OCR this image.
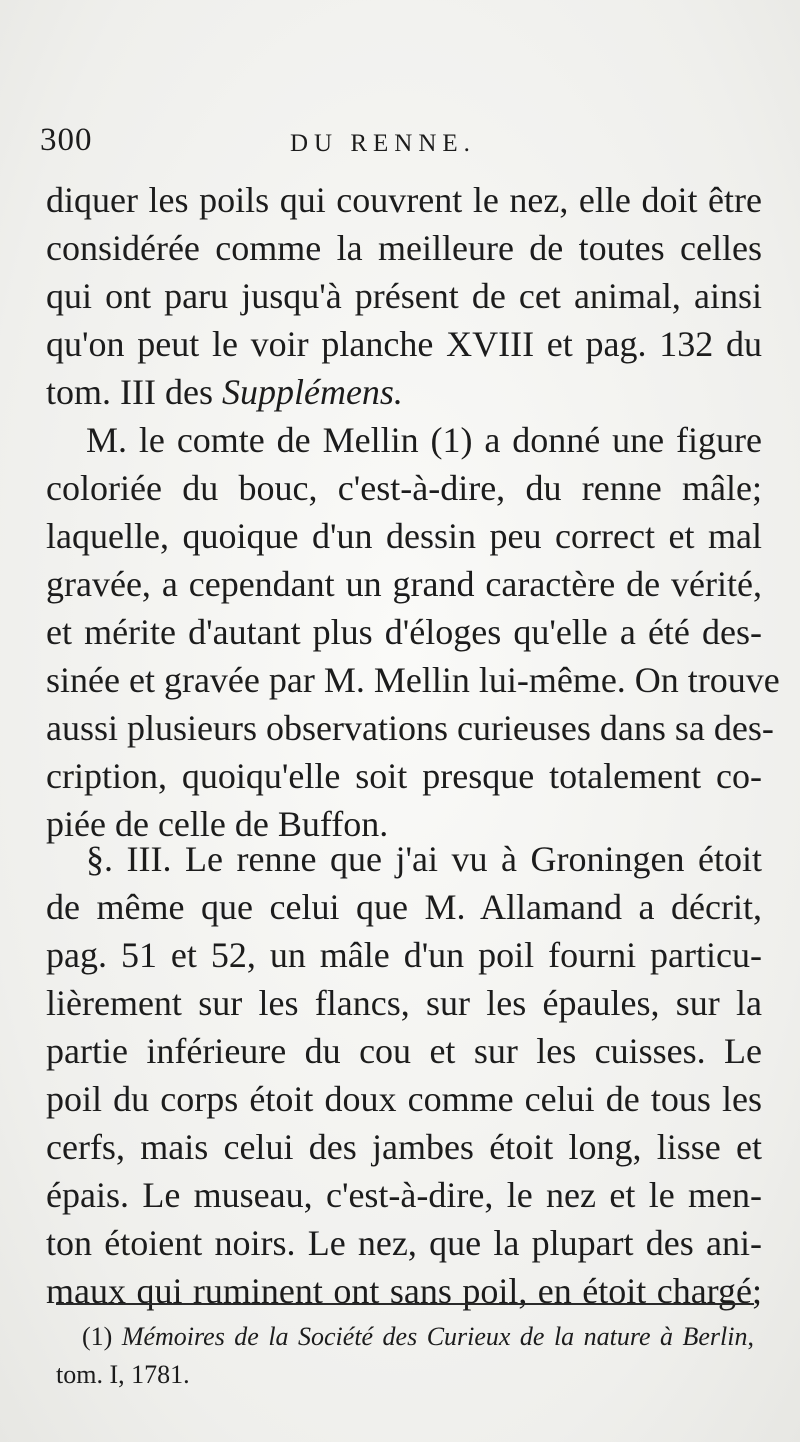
300	DU RENNE.
diquer les poils qui couvrent le nez, elle doit être
considérée comme la meilleure de toutes celles
qui ont paru jusqu'à présent de cet animal, ainsi
qu'on peut le voir planche XVIII et pag. 132 du
tom. III des Supplémens.
M. le comte de Mellin (1) a donné une figure
coloriée du bouc, c'est-à-dire, du renne mâle;
laquelle, quoique d'un dessin peu correct et mal
gravée, a cependant un grand caractère de vérité,
et mérite d'autant plus d'éloges qu'elle a été des-
sinée et gravée par M. Mellin lui-même. On trouve
aussi plusieurs observations curieuses dans sa des-
cription, quoiqu'elle soit presque totalement co-
piée de celle de Buffon.
§. III. Le renne que j'ai vu à Groningen étoit
de même que celui que M. Allamand a décrit,
pag. 51 et 52, un mâle d'un poil fourni particu-
lièrement sur les flancs, sur les épaules, sur la
partie inférieure du cou et sur les cuisses. Le
poil du corps étoit doux comme celui de tous les
cerfs, mais celui des jambes étoit long, lisse et
épais. Le museau, c'est-à-dire, le nez et le men-
ton étoient noirs. Le nez, que la plupart des ani-
maux qui ruminent ont sans poil, en étoit chargé;
(1) Mémoires de la Société des Curieux de la nature à Berlin,
tom. I, 1781.
